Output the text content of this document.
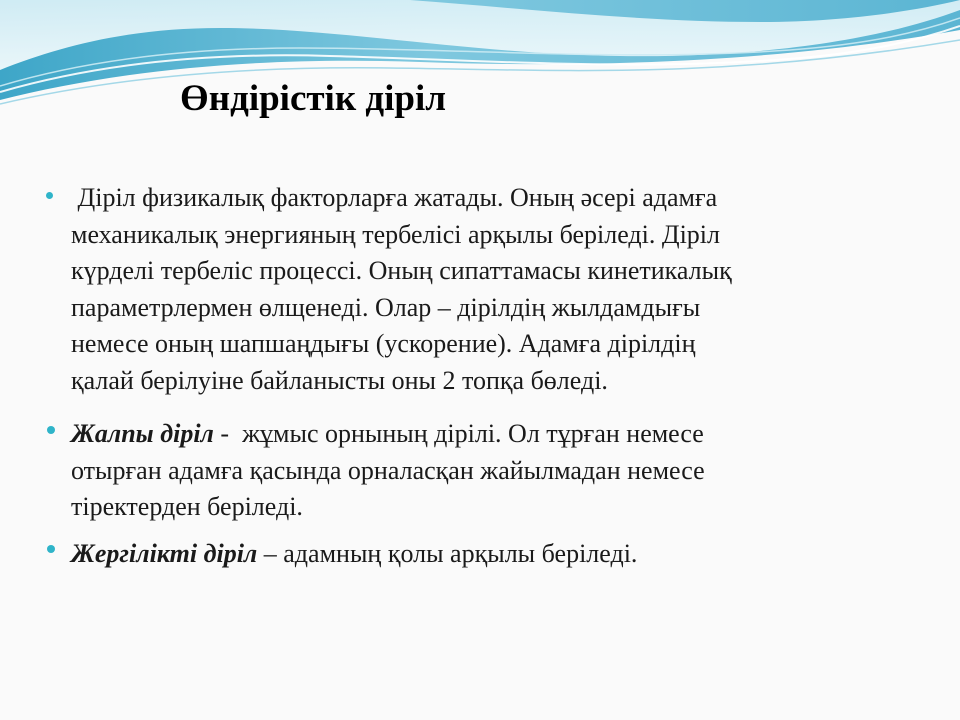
Өндірістік діріл

Діріл физикалық факторларға жатады. Оның әсері адамға
механикалық энергияның тербелісі арқылы беріледі. Діріл
күрделі тербеліс процессі. Оның сипаттамасы кинетикалық
параметрлермен өлщенеді. Олар – дірілдің жылдамдығы
немесе оның шапшаңдығы (ускорение). Адамға дірілдің
қалай берілуіне байланысты оны 2 топқа бөледі.

Жалпы діріл -  жұмыс орнының дірілі. Ол тұрған немесе
отырған адамға қасында орналасқан жайылмадан немесе
тіректерден беріледі.

Жергілікті діріл – адамның қолы арқылы беріледі.
